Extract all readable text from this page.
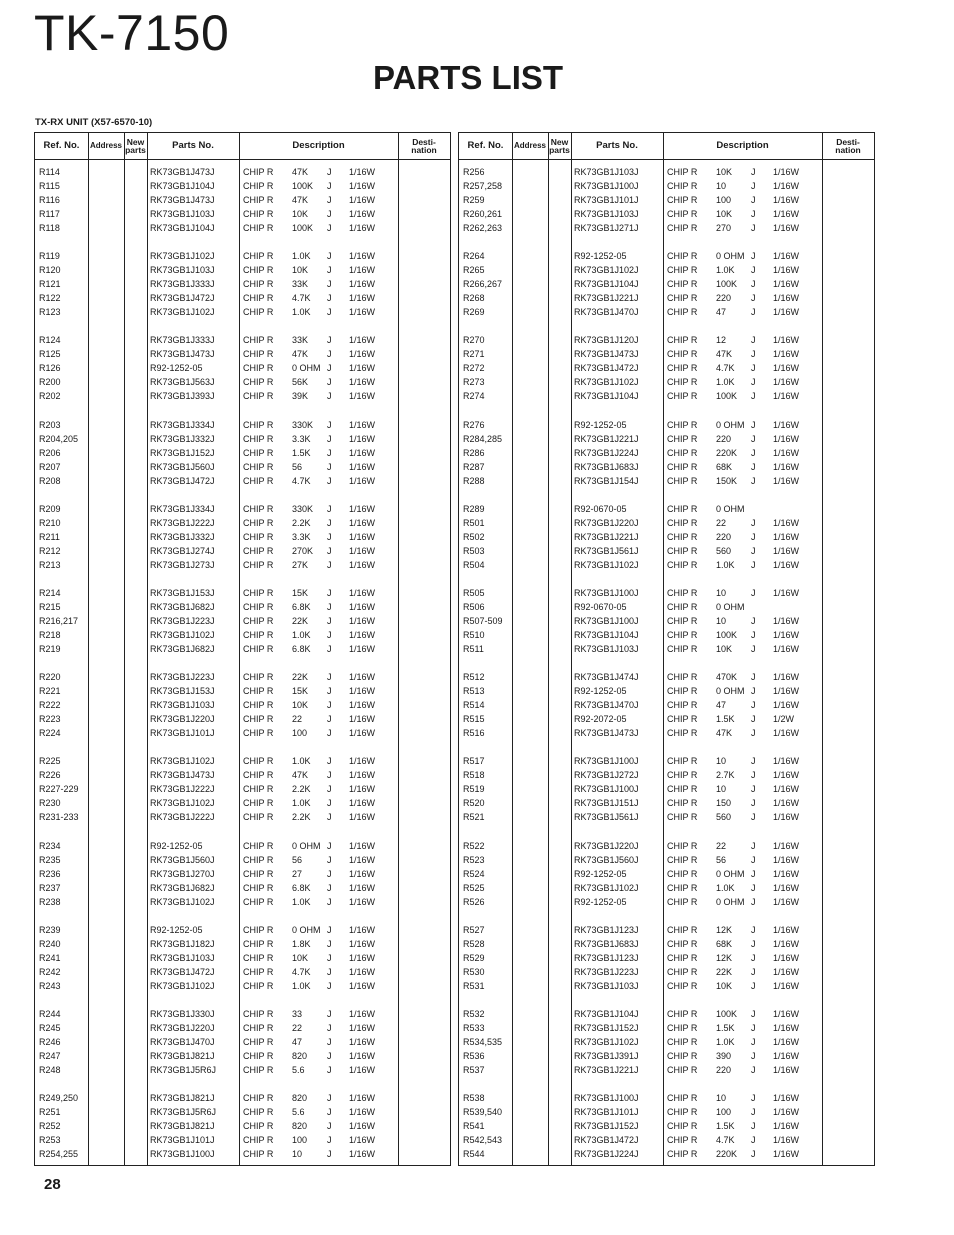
TK-7150
PARTS LIST
TX-RX UNIT (X57-6570-10)
Ref. No.	Address New
parts	Parts No.	Description	Desti-
nation
R114	RK73GB1J473J	CHIP R 47K J 1/16W
R115	RK73GB1J104J	CHIP R 100K J 1/16W
R116	RK73GB1J473J	CHIP R 47K J 1/16W
R117	RK73GB1J103J	CHIP R 10K J 1/16W
R118	RK73GB1J104J	CHIP R 100K J 1/16W
R119	RK73GB1J102J	CHIP R 1.0K J 1/16W
R120	RK73GB1J103J	CHIP R 10K J 1/16W
R121	RK73GB1J333J	CHIP R 33K J 1/16W
R122	RK73GB1J472J	CHIP R 4.7K J 1/16W
R123	RK73GB1J102J	CHIP R 1.0K J 1/16W
R124	RK73GB1J333J	CHIP R 33K J 1/16W
R125	RK73GB1J473J	CHIP R 47K J 1/16W
R126	R92-1252-05	CHIP R 0 OHM J 1/16W
R200	RK73GB1J563J	CHIP R 56K J 1/16W
R202	RK73GB1J393J	CHIP R 39K J 1/16W
R203	RK73GB1J334J	CHIP R 330K J 1/16W
R204,205	RK73GB1J332J	CHIP R 3.3K J 1/16W
R206	RK73GB1J152J	CHIP R 1.5K J 1/16W
R207	RK73GB1J560J	CHIP R 56	J 1/16W
R208	RK73GB1J472J	CHIP R 4.7K J 1/16W
R209	RK73GB1J334J	CHIP R 330K J 1/16W
R210	RK73GB1J222J	CHIP R 2.2K J 1/16W
R211	RK73GB1J332J	CHIP R 3.3K J 1/16W
R212	RK73GB1J274J	CHIP R 270K J 1/16W
R213	RK73GB1J273J	CHIP R 27K J 1/16W
R214	RK73GB1J153J	CHIP R 15K J 1/16W
R215	RK73GB1J682J	CHIP R 6.8K J 1/16W
R216,217	RK73GB1J223J	CHIP R 22K J 1/16W
R218	RK73GB1J102J	CHIP R 1.0K J 1/16W
R219	RK73GB1J682J	CHIP R 6.8K J 1/16W
R220	RK73GB1J223J	CHIP R 22K J 1/16W
R221	RK73GB1J153J	CHIP R 15K J 1/16W
R222	RK73GB1J103J	CHIP R 10K J 1/16W
R223	RK73GB1J220J	CHIP R 22	J 1/16W
R224	RK73GB1J101J	CHIP R 100 J 1/16W
R225	RK73GB1J102J	CHIP R 1.0K J 1/16W
R226	RK73GB1J473J	CHIP R 47K J 1/16W
R227-229	RK73GB1J222J	CHIP R 2.2K J 1/16W
R230	RK73GB1J102J	CHIP R 1.0K J 1/16W
R231-233	RK73GB1J222J	CHIP R 2.2K J 1/16W
R234	R92-1252-05	CHIP R 0 OHM J 1/16W
R235	RK73GB1J560J	CHIP R 56	J 1/16W
R236	RK73GB1J270J	CHIP R 27	J 1/16W
R237	RK73GB1J682J	CHIP R 6.8K J 1/16W
R238	RK73GB1J102J	CHIP R 1.0K J 1/16W
R239	R92-1252-05	CHIP R 0 OHM J 1/16W
R240	RK73GB1J182J	CHIP R 1.8K J 1/16W
R241	RK73GB1J103J	CHIP R 10K J 1/16W
R242	RK73GB1J472J	CHIP R 4.7K J 1/16W
R243	RK73GB1J102J	CHIP R 1.0K J 1/16W
R244	RK73GB1J330J	CHIP R 33	J 1/16W
R245	RK73GB1J220J	CHIP R 22	J 1/16W
R246	RK73GB1J470J	CHIP R 47	J 1/16W
R247	RK73GB1J821J	CHIP R 820 J 1/16W
R248	RK73GB1J5R6J	CHIP R 5.6 J 1/16W
R249,250	RK73GB1J821J	CHIP R 820 J 1/16W
R251	RK73GB1J5R6J	CHIP R 5.6 J 1/16W
R252	RK73GB1J821J	CHIP R 820 J 1/16W
R253	RK73GB1J101J	CHIP R 100 J 1/16W
R254,255	RK73GB1J100J	CHIP R 10	J 1/16W
Ref. No.	Address New
parts	Parts No.	Description	Desti-
nation
R256	RK73GB1J103J	CHIP R 10K J 1/16W
R257,258	RK73GB1J100J	CHIP R 10	J 1/16W
R259	RK73GB1J101J	CHIP R 100 J 1/16W
R260,261	RK73GB1J103J	CHIP R 10K J 1/16W
R262,263	RK73GB1J271J	CHIP R 270 J 1/16W
R264	R92-1252-05	CHIP R 0 OHM J 1/16W
R265	RK73GB1J102J	CHIP R 1.0K J 1/16W
R266,267	RK73GB1J104J	CHIP R 100K J 1/16W
R268	RK73GB1J221J	CHIP R 220 J 1/16W
R269	RK73GB1J470J	CHIP R 47	J 1/16W
R270	RK73GB1J120J	CHIP R 12	J 1/16W
R271	RK73GB1J473J	CHIP R 47K J 1/16W
R272	RK73GB1J472J	CHIP R 4.7K J 1/16W
R273	RK73GB1J102J	CHIP R 1.0K J 1/16W
R274	RK73GB1J104J	CHIP R 100K J 1/16W
R276	R92-1252-05	CHIP R 0 OHM J 1/16W
R284,285	RK73GB1J221J	CHIP R 220 J 1/16W
R286	RK73GB1J224J	CHIP R 220K J 1/16W
R287	RK73GB1J683J	CHIP R 68K J 1/16W
R288	RK73GB1J154J	CHIP R 150K J 1/16W
R289	R92-0670-05	CHIP R 0 OHM
R501	RK73GB1J220J	CHIP R 22	J 1/16W
R502	RK73GB1J221J	CHIP R 220 J 1/16W
R503	RK73GB1J561J	CHIP R 560 J 1/16W
R504	RK73GB1J102J	CHIP R 1.0K J 1/16W
R505	RK73GB1J100J	CHIP R 10	J 1/16W
R506	R92-0670-05	CHIP R 0 OHM
R507-509	RK73GB1J100J	CHIP R 10	J 1/16W
R510	RK73GB1J104J	CHIP R 100K J 1/16W
R511	RK73GB1J103J	CHIP R 10K J 1/16W
R512	RK73GB1J474J	CHIP R 470K J 1/16W
R513	R92-1252-05	CHIP R 0 OHM J 1/16W
R514	RK73GB1J470J	CHIP R 47	J 1/16W
R515	R92-2072-05	CHIP R 1.5K J 1/2W
R516	RK73GB1J473J	CHIP R 47K J 1/16W
R517	RK73GB1J100J	CHIP R 10	J 1/16W
R518	RK73GB1J272J	CHIP R 2.7K J 1/16W
R519	RK73GB1J100J	CHIP R 10	J 1/16W
R520	RK73GB1J151J	CHIP R 150 J 1/16W
R521	RK73GB1J561J	CHIP R 560 J 1/16W
R522	RK73GB1J220J	CHIP R 22	J 1/16W
R523	RK73GB1J560J	CHIP R 56	J 1/16W
R524	R92-1252-05	CHIP R 0 OHM J 1/16W
R525	RK73GB1J102J	CHIP R 1.0K J 1/16W
R526	R92-1252-05	CHIP R 0 OHM J 1/16W
R527	RK73GB1J123J	CHIP R 12K J 1/16W
R528	RK73GB1J683J	CHIP R 68K J 1/16W
R529	RK73GB1J123J	CHIP R 12K J 1/16W
R530	RK73GB1J223J	CHIP R 22K J 1/16W
R531	RK73GB1J103J	CHIP R 10K J 1/16W
R532	RK73GB1J104J	CHIP R 100K J 1/16W
R533	RK73GB1J152J	CHIP R 1.5K J 1/16W
R534,535	RK73GB1J102J	CHIP R 1.0K J 1/16W
R536	RK73GB1J391J	CHIP R 390 J 1/16W
R537	RK73GB1J221J	CHIP R 220 J 1/16W
R538	RK73GB1J100J	CHIP R 10	J 1/16W
R539,540	RK73GB1J101J	CHIP R 100 J 1/16W
R541	RK73GB1J152J	CHIP R 1.5K J 1/16W
R542,543	RK73GB1J472J	CHIP R 4.7K J 1/16W
R544	RK73GB1J224J	CHIP R 220K J 1/16W
28
